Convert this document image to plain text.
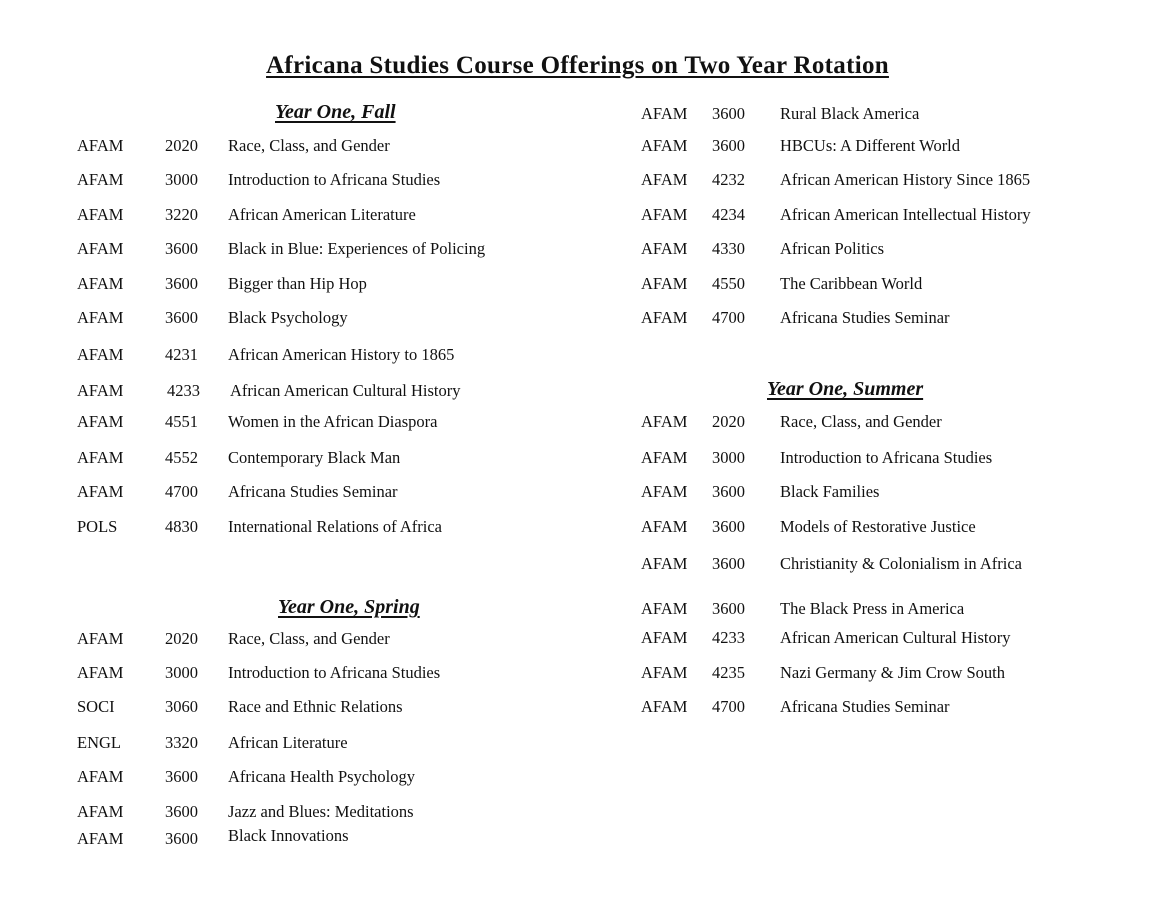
Africana Studies Course Offerings on Two Year Rotation
Year One, Fall
AFAM	2020 Race, Class, and Gender
AFAM	3000 Introduction to Africana Studies
AFAM	3220 African American Literature
AFAM	3600 Black in Blue: Experiences of Policing
AFAM	3600 Bigger than Hip Hop
AFAM	3600 Black Psychology
AFAM	4231 African American History to 1865
AFAM	4233 African American Cultural History
AFAM	4551 Women in the African Diaspora
AFAM	4552 Contemporary Black Man
AFAM	4700 Africana Studies Seminar
POLS	4830 International Relations of Africa
Year One, Spring
AFAM	2020 Race, Class, and Gender
AFAM	3000 Introduction to Africana Studies
SOCI	3060 Race and Ethnic Relations
ENGL	3320 African Literature
AFAM	3600 Africana Health Psychology
AFAM	3600 Jazz and Blues: Meditations
AFAM	3600 Black Innovations
AFAM 3600 Rural Black America
AFAM 3600 HBCUs: A Different World
AFAM 4232 African American History Since 1865
AFAM 4234 African American Intellectual History
AFAM 4330 African Politics
AFAM 4550 The Caribbean World
AFAM 4700 Africana Studies Seminar
Year One, Summer
AFAM 2020 Race, Class, and Gender
AFAM 3000 Introduction to Africana Studies
AFAM 3600 Black Families
AFAM 3600 Models of Restorative Justice
AFAM 3600 Christianity & Colonialism in Africa
AFAM 3600 The Black Press in America
AFAM 4233 African American Cultural History
AFAM 4235 Nazi Germany & Jim Crow South
AFAM 4700 Africana Studies Seminar
